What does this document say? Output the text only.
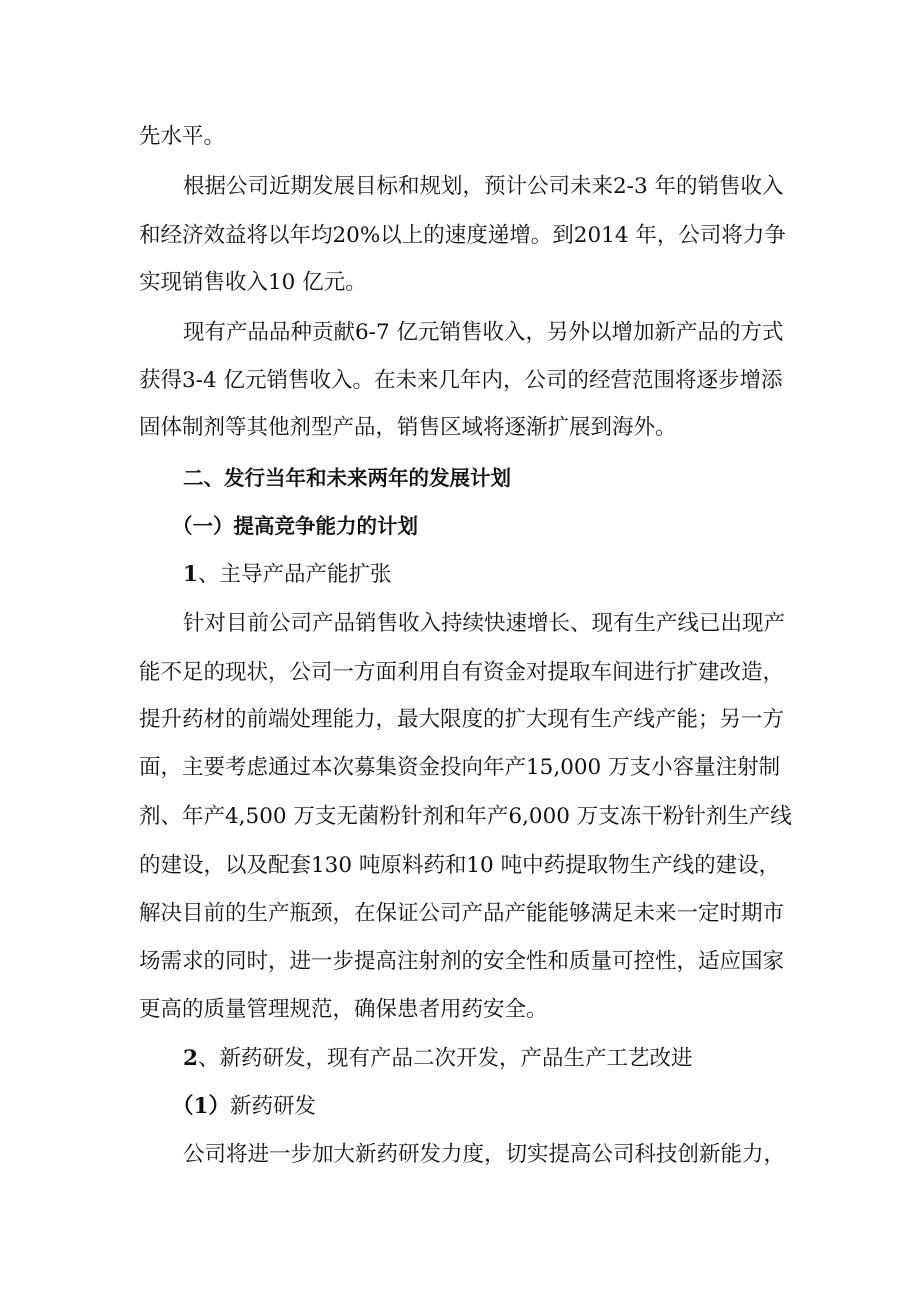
先水平。
根据公司近期发展目标和规划，预计公司未来2-3 年的销售收入
和经济效益将以年均20%以上的速度递增。到2014 年，公司将力争
实现销售收入10 亿元。
现有产品品种贡献6-7 亿元销售收入，另外以增加新产品的方式
获得3-4 亿元销售收入。在未来几年内，公司的经营范围将逐步增添
固体制剂等其他剂型产品，销售区域将逐渐扩展到海外。
二、发行当年和未来两年的发展计划
（一）提高竞争能力的计划
1、主导产品产能扩张
针对目前公司产品销售收入持续快速增长、现有生产线已出现产
能不足的现状，公司一方面利用自有资金对提取车间进行扩建改造，
提升药材的前端处理能力，最大限度的扩大现有生产线产能；另一方
面，主要考虑通过本次募集资金投向年产15,000 万支小容量注射制
剂、年产4,500 万支无菌粉针剂和年产6,000 万支冻干粉针剂生产线
的建设，以及配套130 吨原料药和10 吨中药提取物生产线的建设，
解决目前的生产瓶颈，在保证公司产品产能能够满足未来一定时期市
场需求的同时，进一步提高注射剂的安全性和质量可控性，适应国家
更高的质量管理规范，确保患者用药安全。
2、新药研发，现有产品二次开发，产品生产工艺改进
（1）新药研发
公司将进一步加大新药研发力度，切实提高公司科技创新能力，
